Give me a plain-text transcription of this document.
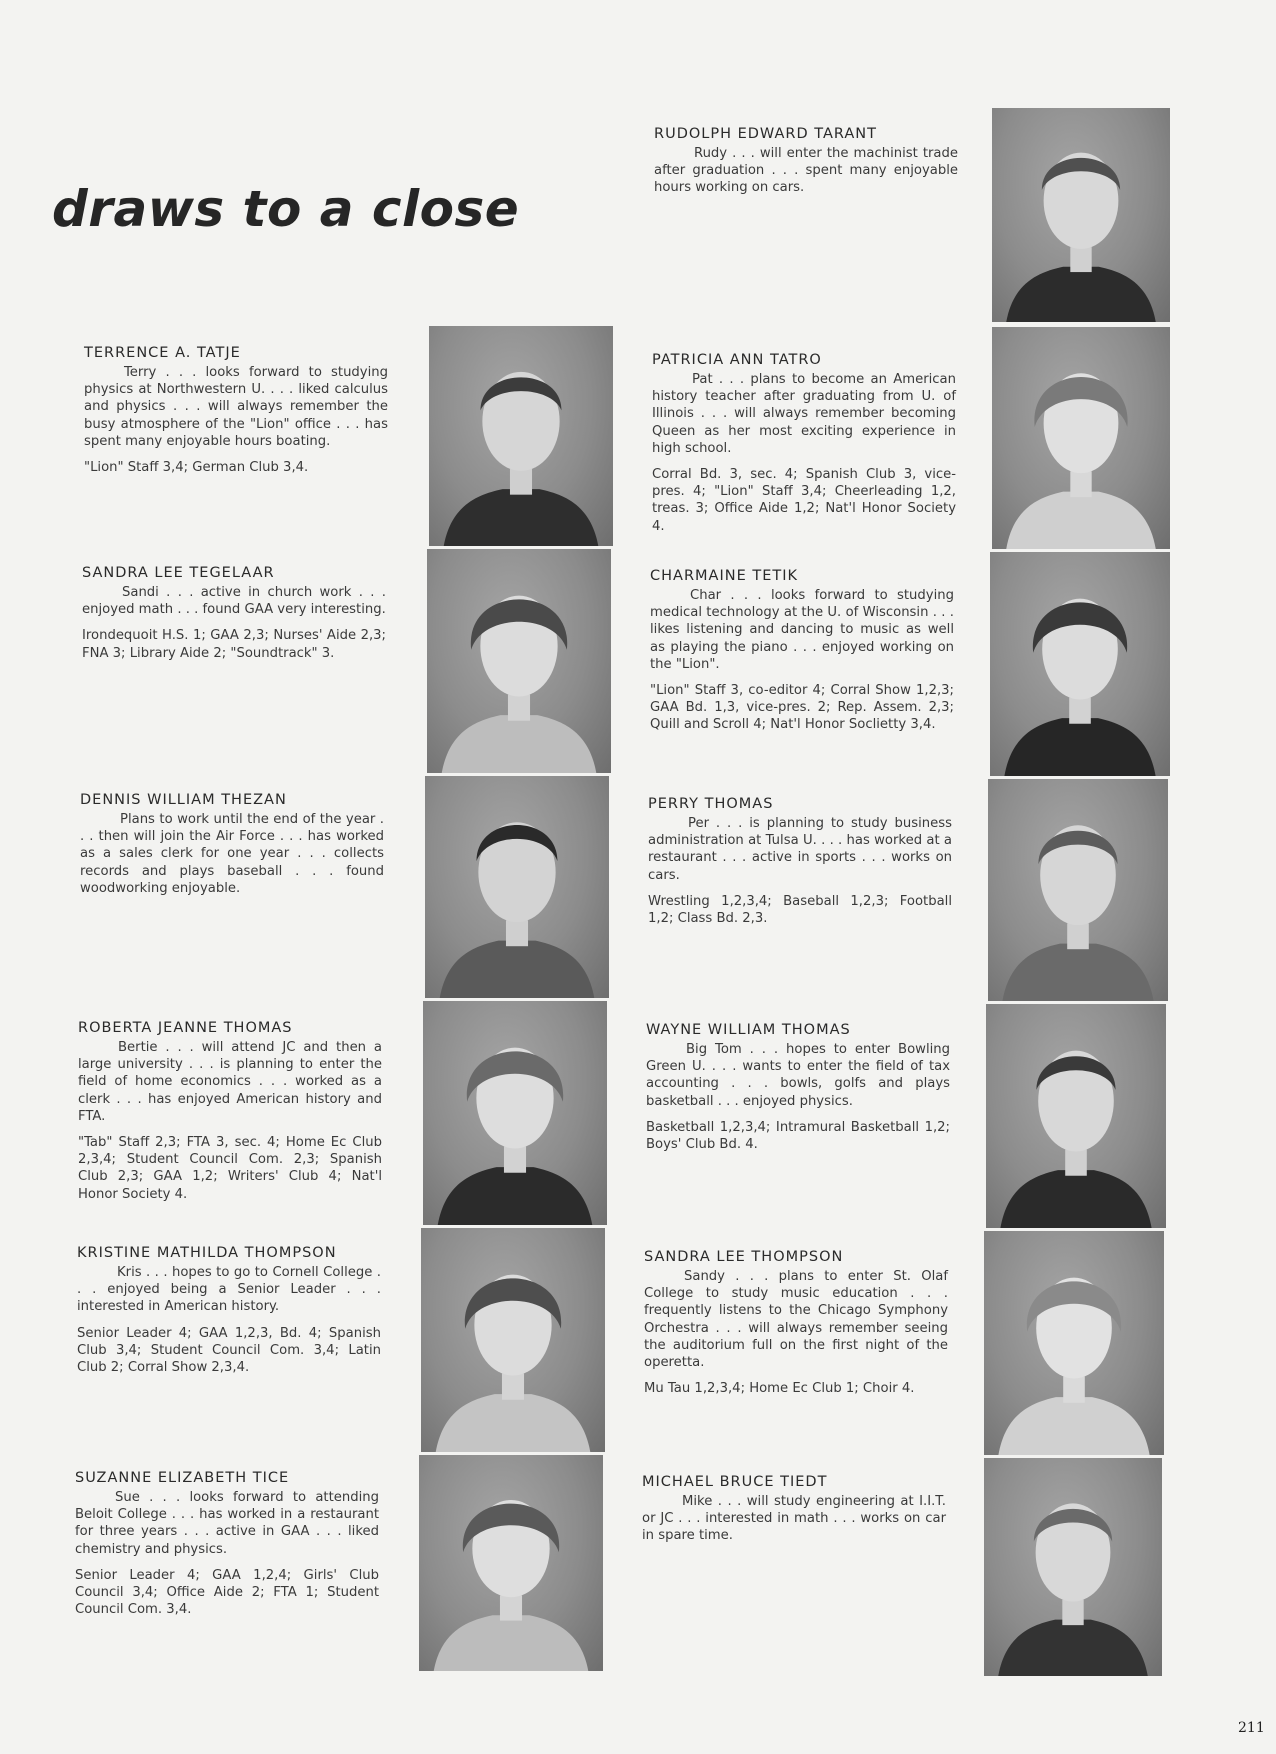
draws to a close
TERRENCE A. TATJE

Terry . . . looks forward to studying physics at Northwestern U. . . . liked calculus and physics . . . will always remember the busy atmosphere of the "Lion" office . . . has spent many enjoyable hours boating.

"Lion" Staff 3,4; German Club 3,4.

SANDRA LEE TEGELAAR

Sandi . . . active in church work . . . enjoyed math . . . found GAA very interesting.

Irondequoit H.S. 1; GAA 2,3; Nurses' Aide 2,3; FNA 3; Library Aide 2; "Soundtrack" 3.

DENNIS WILLIAM THEZAN

Plans to work until the end of the year . . . then will join the Air Force . . . has worked as a sales clerk for one year . . . collects records and plays baseball . . . found woodworking enjoyable.

ROBERTA JEANNE THOMAS

Bertie . . . will attend JC and then a large university . . . is planning to enter the field of home economics . . . worked as a clerk . . . has enjoyed American history and FTA.

"Tab" Staff 2,3; FTA 3, sec. 4; Home Ec Club 2,3,4; Student Council Com. 2,3; Spanish Club 2,3; GAA 1,2; Writers' Club 4; Nat'l Honor Society 4.

KRISTINE MATHILDA THOMPSON

Kris . . . hopes to go to Cornell College . . . enjoyed being a Senior Leader . . . interested in American history.

Senior Leader 4; GAA 1,2,3, Bd. 4; Spanish Club 3,4; Student Council Com. 3,4; Latin Club 2; Corral Show 2,3,4.

SUZANNE ELIZABETH TICE

Sue . . . looks forward to attending Beloit College . . . has worked in a restaurant for three years . . . active in GAA . . . liked chemistry and physics.

Senior Leader 4; GAA 1,2,4; Girls' Club Council 3,4; Office Aide 2; FTA 1; Student Council Com. 3,4.

RUDOLPH EDWARD TARANT

Rudy . . . will enter the machinist trade after graduation . . . spent many enjoyable hours working on cars.

PATRICIA ANN TATRO

Pat . . . plans to become an American history teacher after graduating from U. of Illinois . . . will always remember becoming Queen as her most exciting experience in high school.

Corral Bd. 3, sec. 4; Spanish Club 3, vice-pres. 4; "Lion" Staff 3,4; Cheerleading 1,2, treas. 3; Office Aide 1,2; Nat'l Honor Society 4.

CHARMAINE TETIK

Char . . . looks forward to studying medical technology at the U. of Wisconsin . . . likes listening and dancing to music as well as playing the piano . . . enjoyed working on the "Lion".

"Lion" Staff 3, co-editor 4; Corral Show 1,2,3; GAA Bd. 1,3, vice-pres. 2; Rep. Assem. 2,3; Quill and Scroll 4; Nat'l Honor Soclietty 3,4.

PERRY THOMAS

Per . . . is planning to study business administration at Tulsa U. . . . has worked at a restaurant . . . active in sports . . . works on cars.

Wrestling 1,2,3,4; Baseball 1,2,3; Football 1,2; Class Bd. 2,3.

WAYNE WILLIAM THOMAS

Big Tom . . . hopes to enter Bowling Green U. . . . wants to enter the field of tax accounting . . . bowls, golfs and plays basketball . . . enjoyed physics.

Basketball 1,2,3,4; Intramural Basketball 1,2; Boys' Club Bd. 4.

SANDRA LEE THOMPSON

Sandy . . . plans to enter St. Olaf College to study music education . . . frequently listens to the Chicago Symphony Orchestra . . . will always remember seeing the auditorium full on the first night of the operetta.

Mu Tau 1,2,3,4; Home Ec Club 1; Choir 4.

MICHAEL BRUCE TIEDT

Mike . . . will study engineering at I.I.T. or JC . . . interested in math . . . works on car in spare time.

211
